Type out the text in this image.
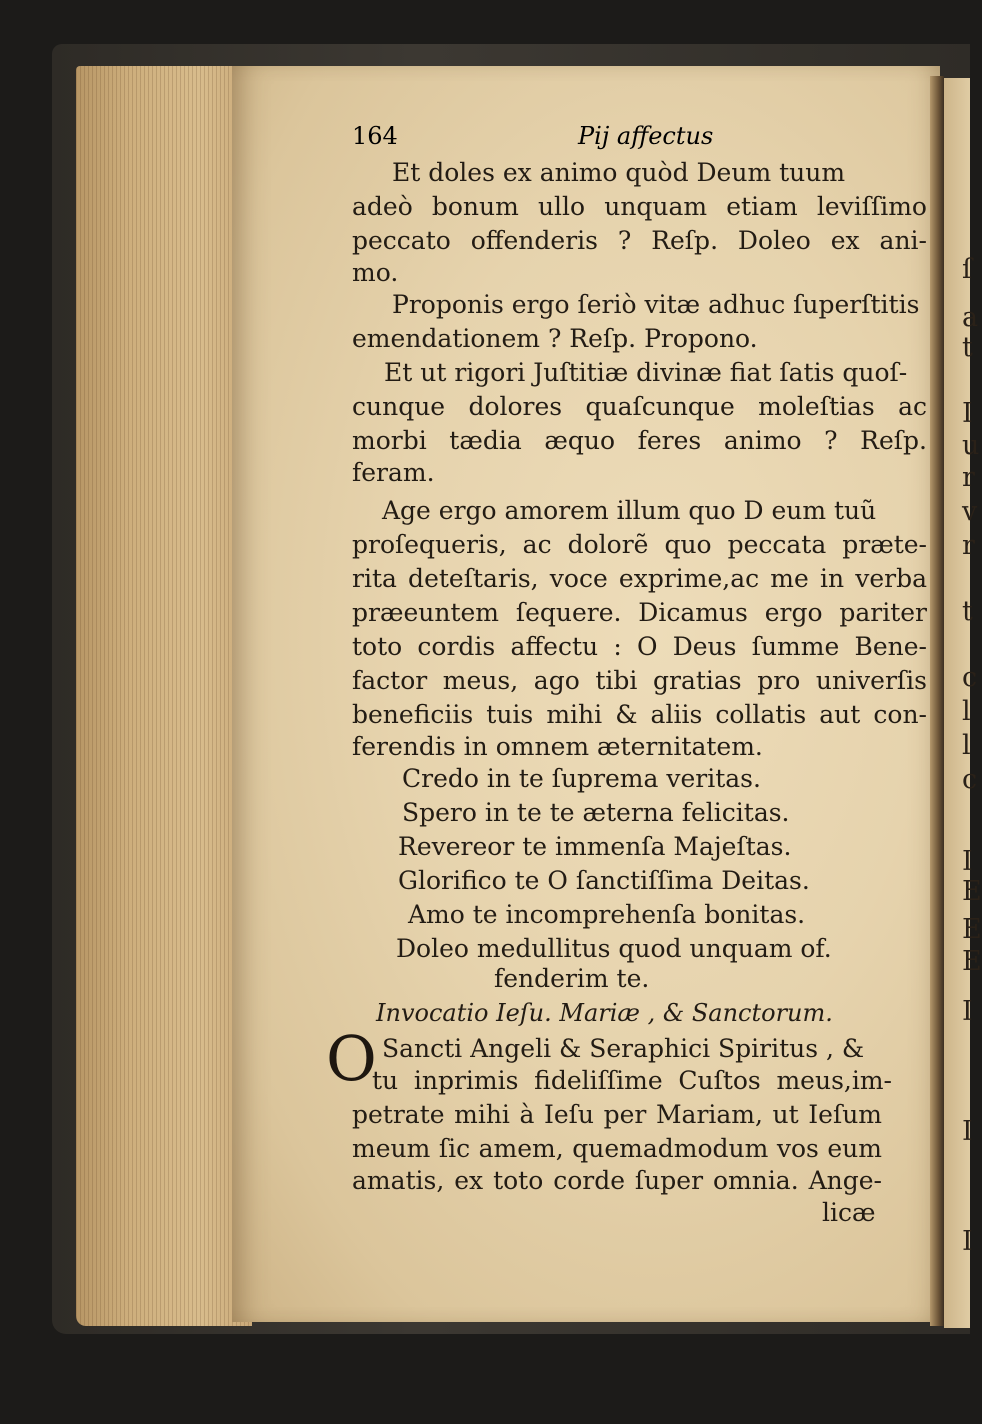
ſ
a
t
I
u
r
v
r
t
c
l
l
c
I
E
E
E
I
I
I
164	Pij affectus
O
Et doles ex animo quòd Deum tuum
adeò bonum ullo unquam etiam leviſſimo
peccato offenderis ? Reſp. Doleo ex ani-
mo.
Proponis ergo ſeriò vitæ adhuc ſuperſtitis
emendationem ? Reſp. Propono.
Et ut rigori Juſtitiæ divinæ fiat ſatis quoſ-
cunque dolores quaſcunque moleſtias ac
morbi tædia æquo feres animo ? Reſp.
feram.
Age ergo amorem illum quo D eum tuũ
proſequeris, ac dolorẽ quo peccata præte-
rita deteſtaris, voce exprime,ac me in verba
præeuntem ſequere. Dicamus ergo pariter
toto cordis affectu : O Deus ſumme Bene-
factor meus, ago tibi gratias pro univerſis
beneficiis tuis mihi & aliis collatis aut con-
ferendis in omnem æternitatem.
Credo in te ſuprema veritas.
Spero in te te æterna felicitas.
Revereor te immenſa Majeſtas.
Glorifico te O ſanctiſſima Deitas.
Amo te incomprehenſa bonitas.
Doleo medullitus quod unquam of.
fenderim te.
Invocatio Ieſu. Mariæ , & Sanctorum.
Sancti Angeli & Seraphici Spiritus , &
tu inprimis fideliſſime Cuſtos meus,im-
petrate mihi à Ieſu per Mariam, ut Ieſum
meum ſic amem, quemadmodum vos eum
amatis, ex toto corde ſuper omnia. Ange-
licæ
